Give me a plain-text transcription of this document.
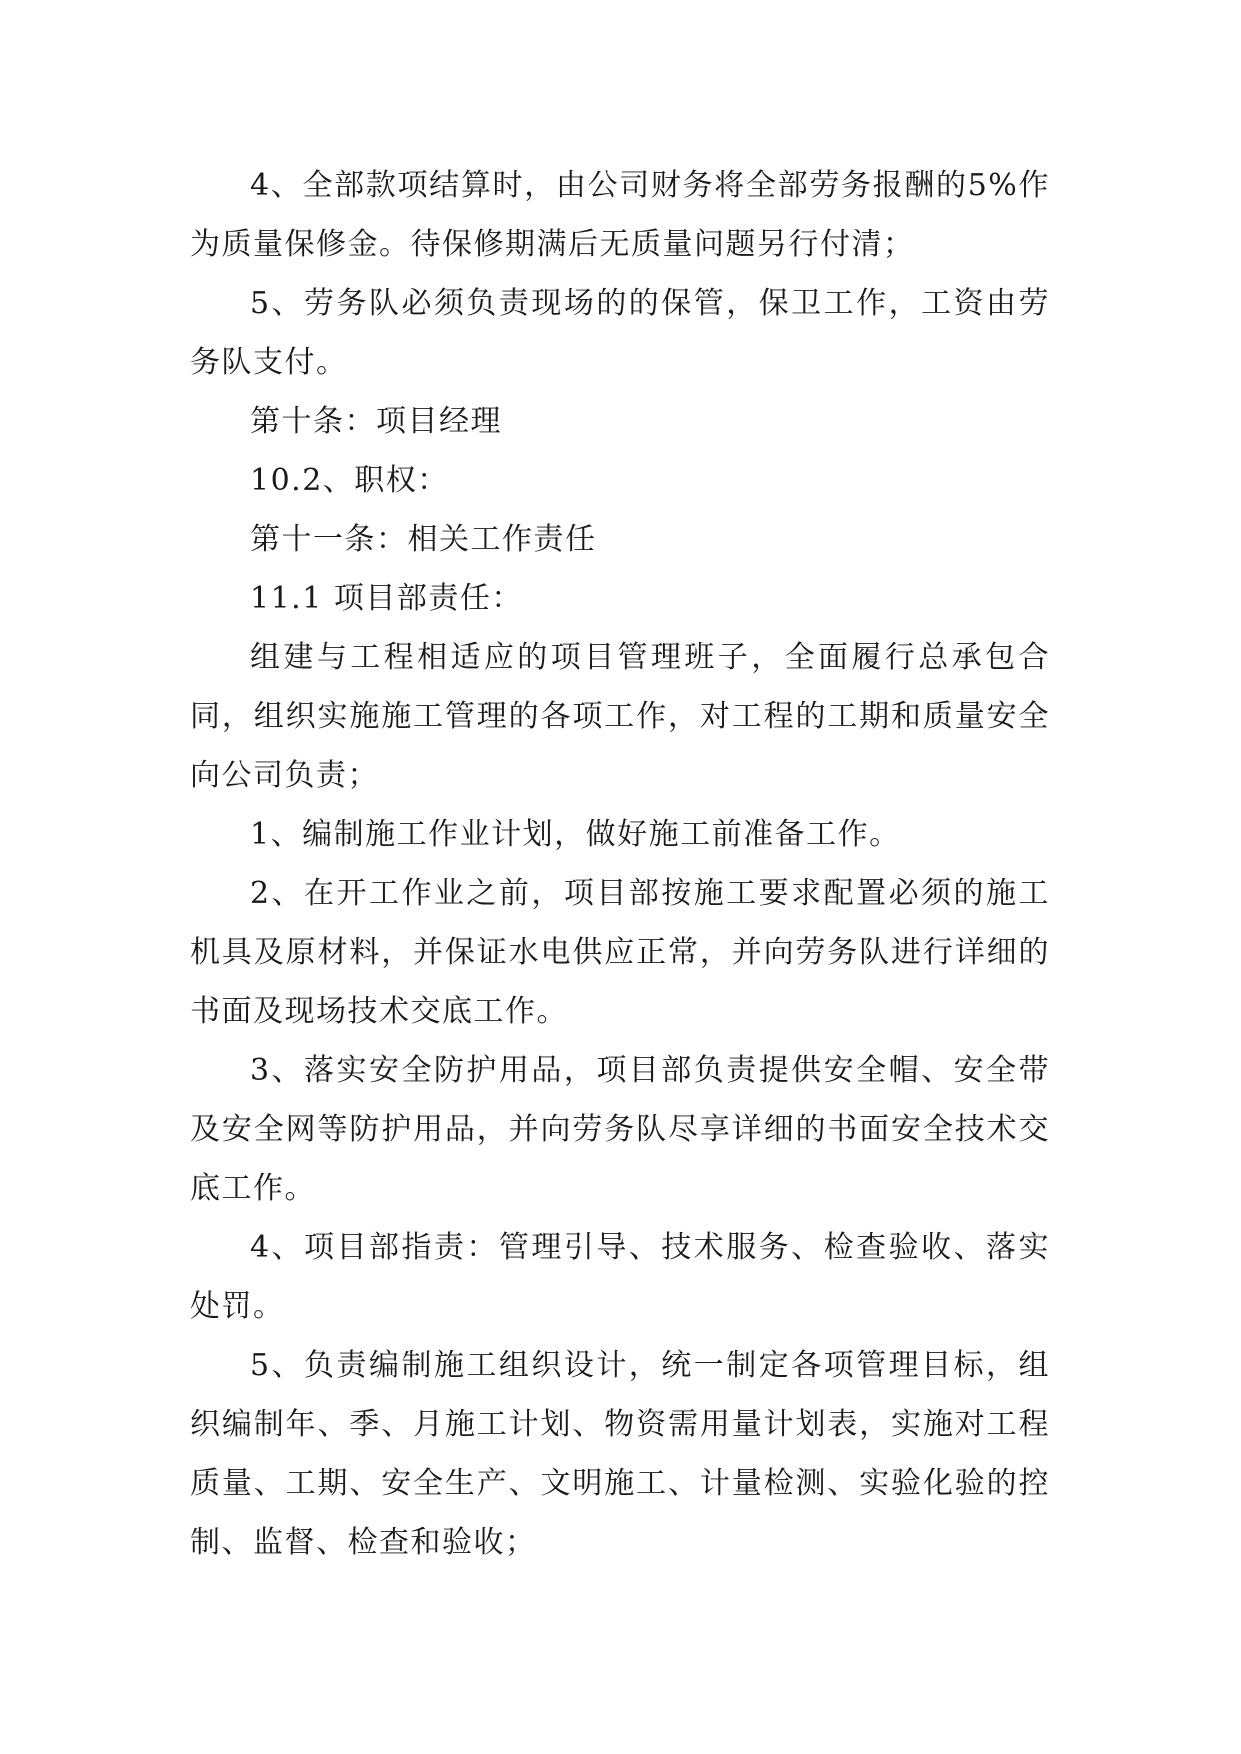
4、全部款项结算时，由公司财务将全部劳务报酬的5%作为质量保修金。待保修期满后无质量问题另行付清；

5、劳务队必须负责现场的的保管，保卫工作，工资由劳务队支付。

第十条：项目经理

10.2、职权：

第十一条：相关工作责任

11.1 项目部责任：

组建与工程相适应的项目管理班子，全面履行总承包合同，组织实施施工管理的各项工作，对工程的工期和质量安全向公司负责；

1、编制施工作业计划，做好施工前准备工作。

2、在开工作业之前，项目部按施工要求配置必须的施工机具及原材料，并保证水电供应正常，并向劳务队进行详细的书面及现场技术交底工作。

3、落实安全防护用品，项目部负责提供安全帽、安全带及安全网等防护用品，并向劳务队尽享详细的书面安全技术交底工作。

4、项目部指责：管理引导、技术服务、检查验收、落实处罚。

5、负责编制施工组织设计，统一制定各项管理目标，组织编制年、季、月施工计划、物资需用量计划表，实施对工程质量、工期、安全生产、文明施工、计量检测、实验化验的控制、监督、检查和验收；
